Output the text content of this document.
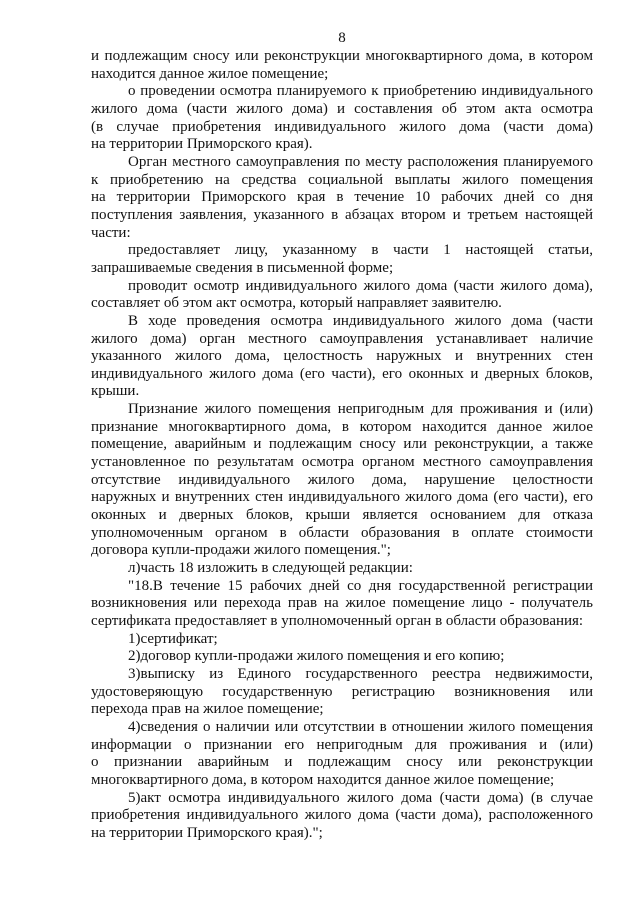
8

и подлежащим сносу или реконструкции многоквартирного дома, в котором
находится данное жилое помещение;

о проведении осмотра планируемого к приобретению индивидуального
жилого дома (части жилого дома) и составления об этом акта осмотра
(в случае приобретения индивидуального жилого дома (части дома)
на территории Приморского края).

Орган местного самоуправления по месту расположения планируемого
к приобретению на средства социальной выплаты жилого помещения
на территории Приморского края в течение 10 рабочих дней со дня
поступления заявления, указанного в абзацах втором и третьем настоящей
части:

предоставляет лицу, указанному в части 1 настоящей статьи,
запрашиваемые сведения в письменной форме;

проводит осмотр индивидуального жилого дома (части жилого дома),
составляет об этом акт осмотра, который направляет заявителю.

В ходе проведения осмотра индивидуального жилого дома (части
жилого дома) орган местного самоуправления устанавливает наличие
указанного жилого дома, целостность наружных и внутренних стен
индивидуального жилого дома (его части), его оконных и дверных блоков,
крыши.

Признание жилого помещения непригодным для проживания и (или)
признание многоквартирного дома, в котором находится данное жилое
помещение, аварийным и подлежащим сносу или реконструкции, а также
установленное по результатам осмотра органом местного самоуправления
отсутствие индивидуального жилого дома, нарушение целостности
наружных и внутренних стен индивидуального жилого дома (его части), его
оконных и дверных блоков, крыши является основанием для отказа
уполномоченным органом в области образования в оплате стоимости
договора купли-продажи жилого помещения.";

л)часть 18 изложить в следующей редакции:

"18.В течение 15 рабочих дней со дня государственной регистрации
возникновения или перехода прав на жилое помещение лицо - получатель
сертификата предоставляет в уполномоченный орган в области образования:

1)сертификат;

2)договор купли-продажи жилого помещения и его копию;

3)выписку из Единого государственного реестра недвижимости,
удостоверяющую государственную регистрацию возникновения или
перехода прав на жилое помещение;

4)сведения о наличии или отсутствии в отношении жилого помещения
информации о признании его непригодным для проживания и (или)
о признании аварийным и подлежащим сносу или реконструкции
многоквартирного дома, в котором находится данное жилое помещение;

5)акт осмотра индивидуального жилого дома (части дома) (в случае
приобретения индивидуального жилого дома (части дома), расположенного
на территории Приморского края).";
